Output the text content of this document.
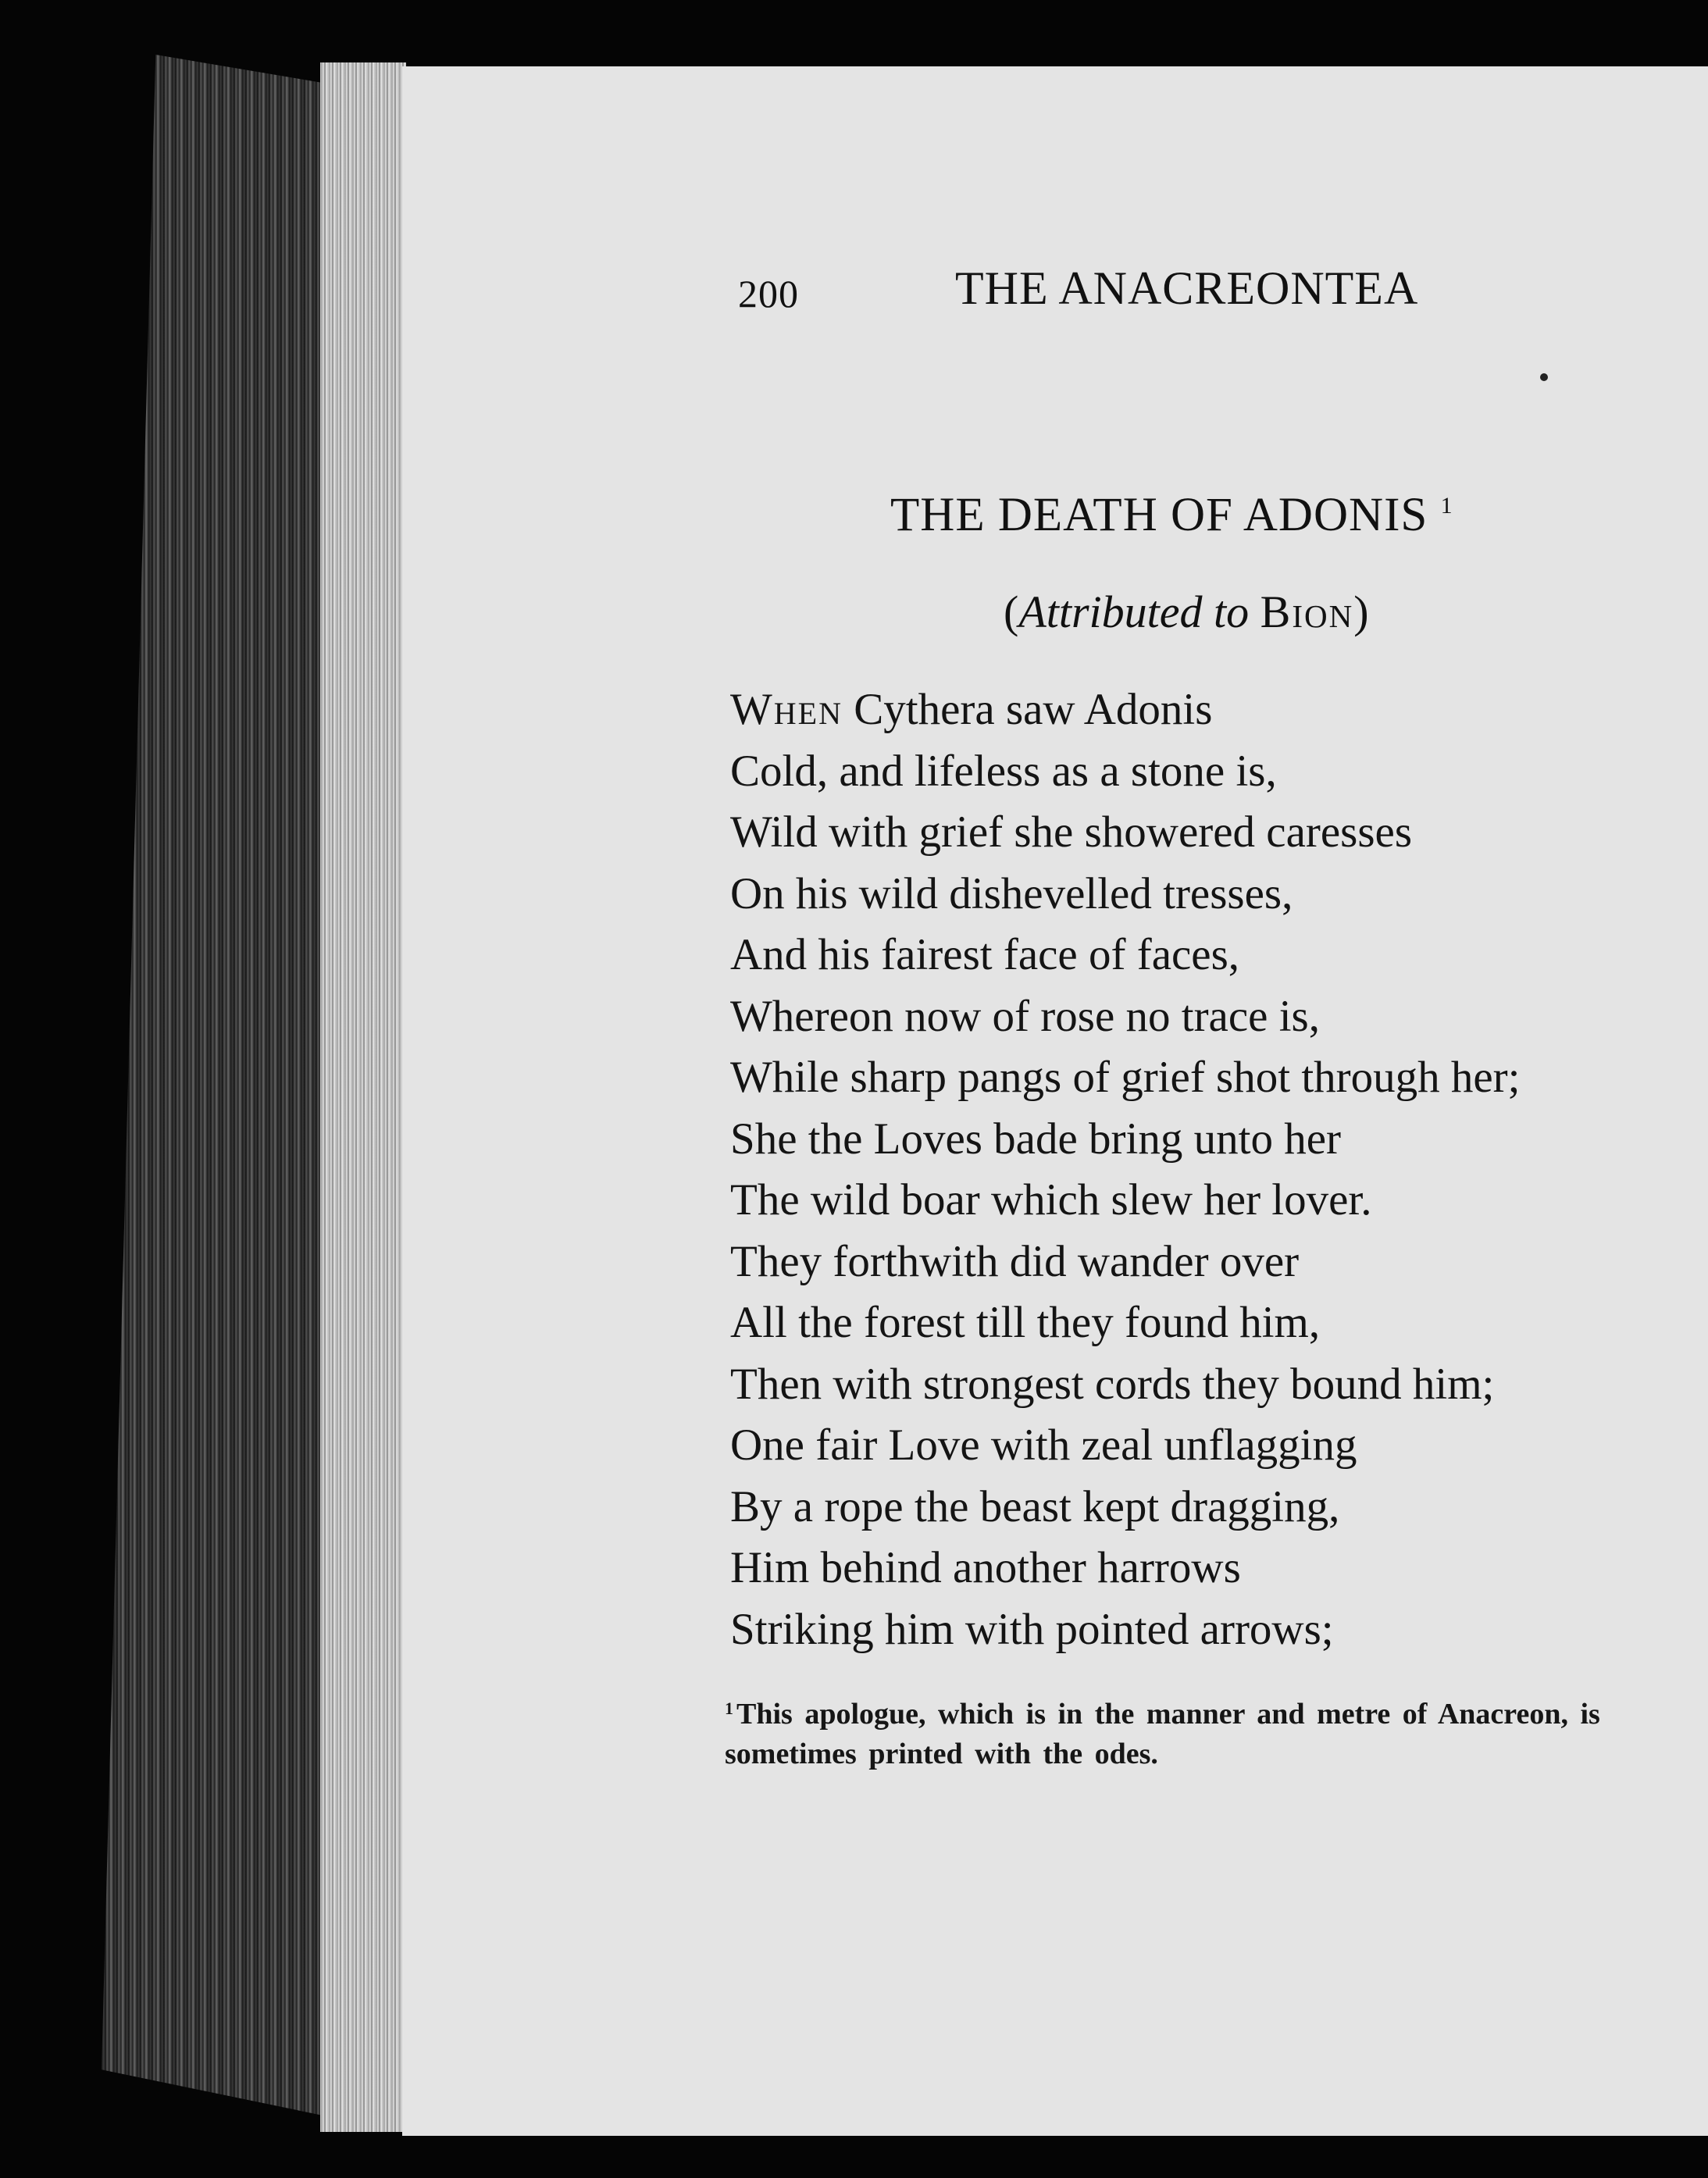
200	THE ANACREONTEA
THE DEATH OF ADONIS $^1$
(Attributed to Bion)
When Cythera saw Adonis
Cold, and lifeless as a stone is,
Wild with grief she showered caresses
On his wild dishevelled tresses,
And his fairest face of faces,
Whereon now of rose no trace is,
While sharp pangs of grief shot through her;
She the Loves bade bring unto her
The wild boar which slew her lover.
They forthwith did wander over
All the forest till they found him,
Then with strongest cords they bound him;
One fair Love with zeal unflagging
By a rope the beast kept dragging,
Him behind another harrows
Striking him with pointed arrows;
$^1$ This apologue, which is in the manner and metre of Anacreon, is sometimes printed with the odes.
